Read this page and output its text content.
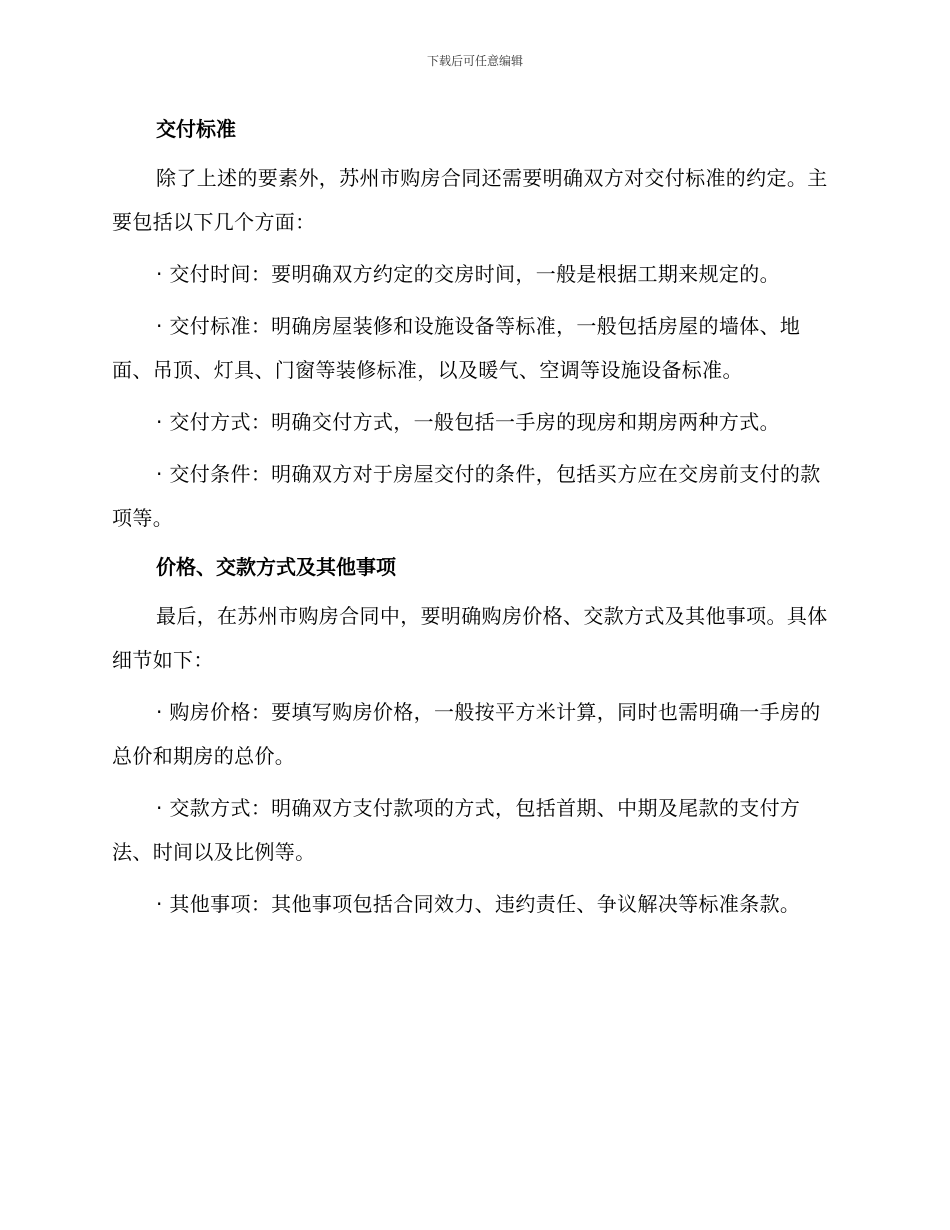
下载后可任意编辑
交付标准

除了上述的要素外，苏州市购房合同还需要明确双方对交付标准的约定。主要包括以下几个方面：

· 交付时间：要明确双方约定的交房时间，一般是根据工期来规定的。

· 交付标准：明确房屋装修和设施设备等标准，一般包括房屋的墙体、地面、吊顶、灯具、门窗等装修标准，以及暖气、空调等设施设备标准。

· 交付方式：明确交付方式，一般包括一手房的现房和期房两种方式。

· 交付条件：明确双方对于房屋交付的条件，包括买方应在交房前支付的款项等。

价格、交款方式及其他事项

最后，在苏州市购房合同中，要明确购房价格、交款方式及其他事项。具体细节如下：

· 购房价格：要填写购房价格，一般按平方米计算，同时也需明确一手房的总价和期房的总价。

· 交款方式：明确双方支付款项的方式，包括首期、中期及尾款的支付方法、时间以及比例等。

· 其他事项：其他事项包括合同效力、违约责任、争议解决等标准条款。
